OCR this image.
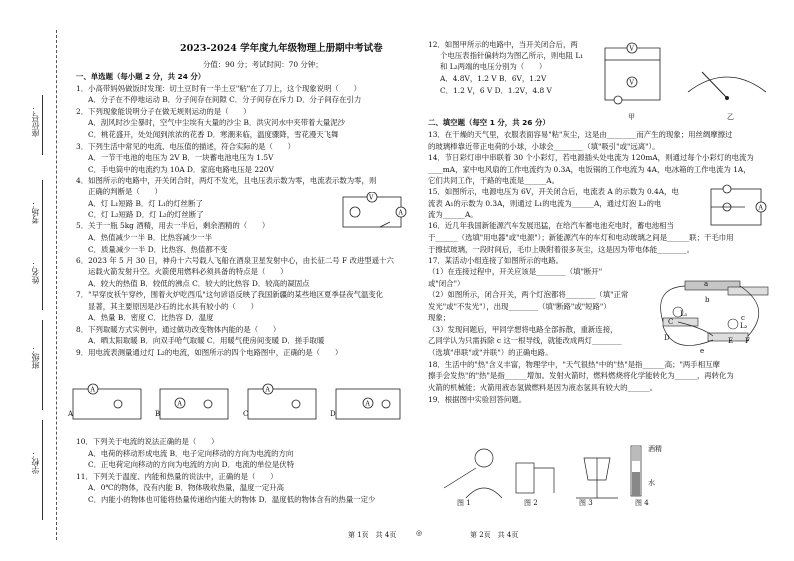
座位号：
考场：
姓名：
班级：
学校：
2023-2024 学年度九年级物理上册期中考试卷
分值：90 分；考试时间：70 分钟；
一、单选题（每小题 2 分，共 24 分）
1．小高带妈妈做饭时发现：切土豆时有一半土豆"粘"在了刀上，这个现象说明（　　）
A．分子在不停地运动 B．分子间存在间隙 C．分子间存在斥力 D．分子间存在引力
2．下列现象能说明分子在做无规则运动的是（　　）
A．刮风时沙尘暴时，空气中尘埃有大量的沙尘 B．洪灾河水中夹带着大量泥沙
C．桃花盛开，处处闻到浓浓的花香 D．寒潮来临，温度骤降，雪花漫天飞舞
3．下列生活中常见的电流、电压值的描述，符合实际的是（　　）
A．一节干电池的电压为 2V B．一块蓄电池电压为 1.5V
C．手电筒中的电流约为 10A D．家庭电路电压是 220V
4．如图所示的电路中，开关闭合时，两灯不发光，且电压表示数为零，电流表示数为零，则
正确的判断是（　　）
A．灯 L₁短路 B．灯 L₁的灯丝断了
C．灯 L₂短路 D．灯 L₂的灯丝断了
5．关于一瓶 5kg 酒精，用去一半后，剩余酒精的（　　）
A．热值减少一半 B．比热容减少一半
C．质量减少一半 D．比热容、热值都不变
6．2023 年 5 月 30 日，神舟十六号载人飞船在酒泉卫星发射中心，由长征二号 F 改进型遥十六
运载火箭发射升空。火箭使用燃料必须具备的特点是（　　）
A．较大的热值 B．较低的沸点 C．较大的比热容 D．较高的凝固点
7．"早穿皮袄午穿纱，围着火炉吃西瓜"这句谚语反映了我国新疆的某些地区夏季昼夜气温变化
显著，其主要原因是沙石的比水具有较小的（　　）
A．热量 B．密度 C．比热容 D．温度
8．下列取暖方式实例中，通过做功改变物体内能的是（　　）
A．晒太阳取暖 B．向双手哈气取暖 C．用暖气使房间变暖 D．搓手取暖
9．用电流表测量通过灯 L₂的电流，如图所示的四个电路图中，正确的是（　　）
10．下列关于电流的说法正确的是（　　）
A．电荷的移动形成电流 B．电子定向移动的方向为电流的方向
C．正电荷定向移动的方向为电流的方向 D．电流的单位是伏特
11．下列关于温度、内能和热量的说法中，正确的是（　　）
A．0℃的物体，没有内能 B．物体吸收热量，温度一定升高
C．内能小的物体也可能将热量传递给内能大的物体 D．温度低的物体含有的热量一定少
V
A
A
A
A
A
A	B	C	D
第 1页　共 4页	◎
12．如图甲所示的电路中，当开关闭合后，两
个电压表指针偏转均为图乙所示，则电阻 L₁
和 L₂两端的电压分别为（　　）
A．4.8V，1.2 V B．6V，1.2V
C．1.2 V，6 V D．1.2V，4.8 V
V
V
甲	乙
二、填空题（每空 1 分，共 26 分）
13．在干燥的天气里，衣服表面容易"粘"灰尘，这是由________而产生的现象；用丝绸摩擦过
的玻璃棒靠近带正电荷的小球，小球会________（填"吸引"或"远离"）。
14．节日彩灯串中串联着 30 个小彩灯，若电源插头处电流为 120mA，则通过每个小彩灯的电流为
____mA，家中电风扇的工作电流约为 0.3A，电饭锅的工作电流为 4A，电冰箱的工作电流为 1A，
它们共同工作，干路的电流是______A。
15．如图所示，电源电压为 6V，开关闭合后，电流表 A 的示数为 0.4A，电
流表 A₁的示数为 0.3A，则通过 L₁的电流为______A，通过灯泡 L₂的电
流为______A。
16．近几年我国新能源汽车发展迅猛，在给汽车蓄电池充电时，蓄电池相当
于______（选填"用电器"或"电源"）；新能源汽车的车灯和电动玻璃之间是______联；干毛巾用
于擦拭玻璃，一段时间后，毛巾上吸附着很多灰尘，这是因为带电体能________。
17．某活动小组连接了如图所示的电路。
（1）在连接过程中，开关应该是________（填"断开"
或"闭合"）
（2）如图所示，闭合开关，两个灯泡都将________（填"正常
发光"或"不发光"），出现________（填"断路"或"短路"）
现象；
（3）发现问题后，甲同学想将电路全部拆散，重新连接，
乙同学认为只需拆除 c 这一根导线，就能改成两灯________
（选填"串联"或"并联"）的正确电路。
18．生活中的"热"含义丰富，物理学中，"天气很热"中的"热"是指______高；"两手相互摩
擦手会发热"的"热"是指______增加。发射火箭时，燃料燃烧将化学能转化为______，再转化为
火箭的机械能；火箭用液态氢做燃料是因为液态氢具有较大的______。
19．根据图中实验回答问题。
A
a
b
C
L₁
L₂
E F
D
e
c
酒精
水
图 1	图 2	图 3	图 4
第 2页　共 4页
